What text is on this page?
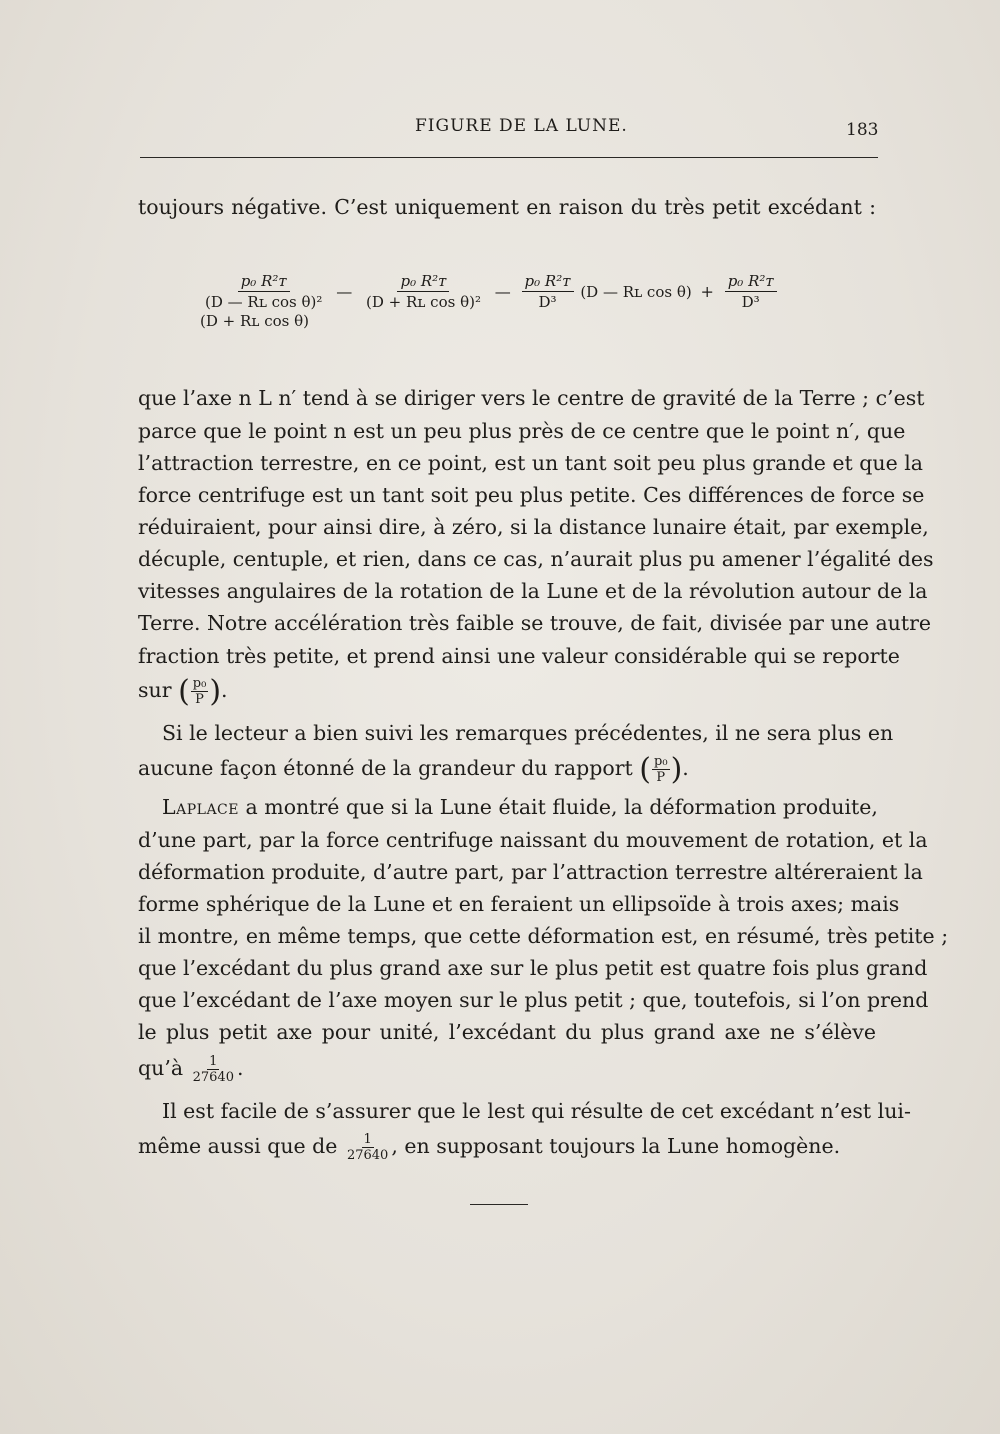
FIGURE DE LA LUNE.	183
toujours négative. C’est uniquement en raison du très petit excédant :
$\frac{\text{p₀ R²ᴛ}}{\text{(D — Rʟ cos θ)²}}$ — $\frac{\text{p₀ R²ᴛ}}{\text{(D + Rʟ cos θ)²}}$ — $\frac{\text{p₀ R²ᴛ}}{\text{D³}} (D$ — Rʟ $\cos \theta) + \frac{\text{p₀ R²ᴛ}}{\text{D³}}$
(D + Rʟ cos θ)
que l’axe n L n′ tend à se diriger vers le centre de gravité de la Terre ; c’est
parce que le point n est un peu plus près de ce centre que le point n′, que
l’attraction terrestre, en ce point, est un tant soit peu plus grande et que la
force centrifuge est un tant soit peu plus petite. Ces différences de force se
réduiraient, pour ainsi dire, à zéro, si la distance lunaire était, par exemple,
décuple, centuple, et rien, dans ce cas, n’aurait plus pu amener l’égalité des
vitesses angulaires de la rotation de la Lune et de la révolution autour de la
Terre. Notre accélération très faible se trouve, de fait, divisée par une autre
fraction très petite, et prend ainsi une valeur considérable qui se reporte
sur ( $\frac{\text{p₀}}{P}$ ).
Si le lecteur a bien suivi les remarques précédentes, il ne sera plus en
aucune façon étonné de la grandeur du rapport ( $\frac{\text{p₀}}{P}$ ).
Laplace a montré que si la Lune était fluide, la déformation produite,
d’une part, par la force centrifuge naissant du mouvement de rotation, et la
déformation produite, d’autre part, par l’attraction terrestre altéreraient la
forme sphérique de la Lune et en feraient un ellipsoïde à trois axes; mais
il montre, en même temps, que cette déformation est, en résumé, très petite ;
que l’excédant du plus grand axe sur le plus petit est quatre fois plus grand
que l’excédant de l’axe moyen sur le plus petit ; que, toutefois, si l’on prend
le plus petit axe pour unité, l’excédant du plus grand axe ne s’élève
qu’à $\frac{1}{27640}$ .
Il est facile de s’assurer que le lest qui résulte de cet excédant n’est lui-
même aussi que de $\frac{1}{27640}$ , en supposant toujours la Lune homogène.
